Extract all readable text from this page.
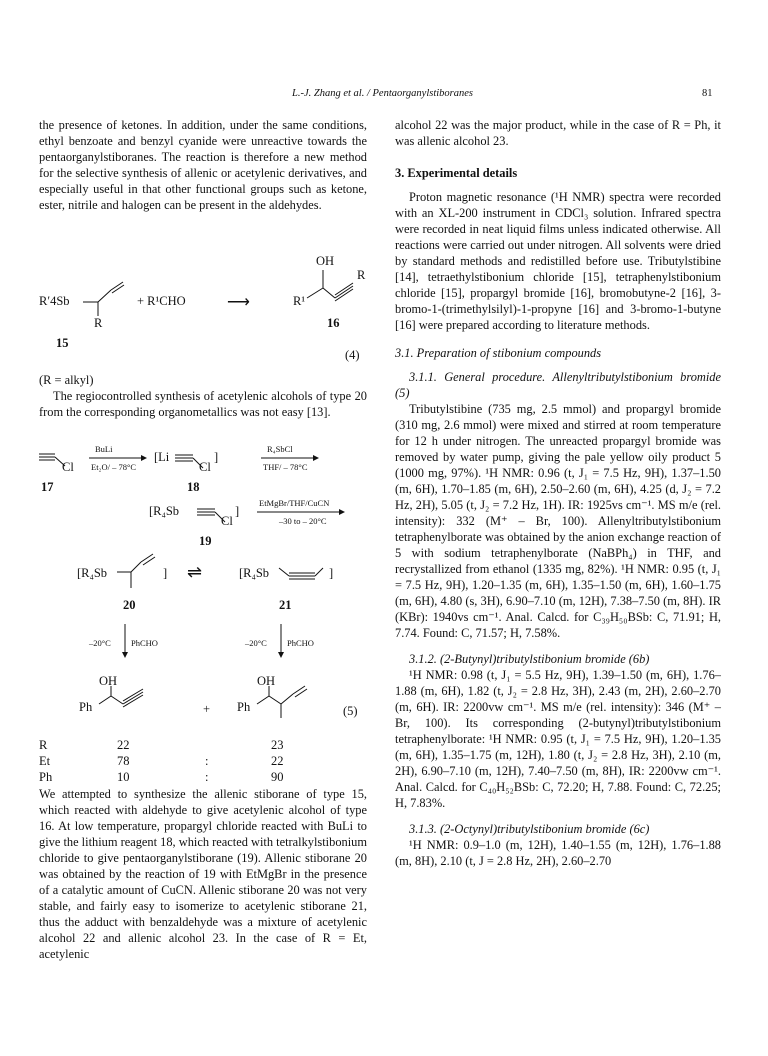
L.-J. Zhang et al. / Pentaorganylstiboranes	81

the presence of ketones. In addition, under the same conditions, ethyl benzoate and benzyl cyanide were unreactive towards the pentaorganylstiboranes. The reaction is therefore a new method for the selective synthesis of allenic or acetylenic derivatives, and especially useful in that other functional groups such as ketone, ester, nitrile and halogen can be present in the aldehydes.

R′4Sb
R
+ R¹CHO	⟶
OH
R¹
R
15
16
(4)

(R = alkyl)

The regiocontrolled synthesis of acetylenic alcohols of type 20 from the corresponding organometallics was not easy [13].

Cl
BuLi
Et₂O/ – 78°C
[Li
Cl
]
R₄SbCl
THF/ – 78°C
17	18
[R₄Sb
Cl
]
EtMgBr/THF/CuCN
–30 to – 20°C
19
[R₄Sb	] ⇌	[R₄Sb	]
20	21
–20°C PhCHO	–20°C PhCHO
OH
Ph	+
OH
Ph	(5)
R	22	23
Et	78	:	22
Ph	10	:	90

We attempted to synthesize the allenic stiborane of type 15, which reacted with aldehyde to give acetylenic alcohol of type 16. At low temperature, propargyl chloride reacted with BuLi to give the lithium reagent 18, which reacted with tetralkylstibonium chloride to give pentaorganylstiborane (19). Allenic stiborane 20 was obtained by the reaction of 19 with EtMgBr in the presence of a catalytic amount of CuCN. Allenic stiborane 20 was not very stable, and fairly easy to isomerize to acetylenic stiborane 21, thus the adduct with benzaldehyde was a mixture of acetylenic alcohol 22 and allenic alcohol 23. In the case of R = Et, acetylenic

alcohol 22 was the major product, while in the case of R = Ph, it was allenic alcohol 23.

3. Experimental details

Proton magnetic resonance (¹H NMR) spectra were recorded with an XL-200 instrument in CDCl₃ solution. Infrared spectra were recorded in neat liquid films unless indicated otherwise. All reactions were carried out under nitrogen. All solvents were dried by standard methods and redistilled before use. Tributylstibine [14], tetraethylstibonium chloride [15], tetraphenylstibonium chloride [15], propargyl bromide [16], bromobutyne-2 [16], 3-bromo-1-(trimethylsilyl)-1-propyne [16] and 3-bromo-1-butyne [16] were prepared according to literature methods.

3.1. Preparation of stibonium compounds

3.1.1. General procedure. Allenyltributylstibonium bromide (5)

Tributylstibine (735 mg, 2.5 mmol) and propargyl bromide (310 mg, 2.6 mmol) were mixed and stirred at room temperature for 12 h under nitrogen. The unreacted propargyl bromide was removed by water pump, giving the pale yellow oily product 5 (1000 mg, 97%). ¹H NMR: 0.96 (t, J₁ = 7.5 Hz, 9H), 1.37–1.50 (m, 6H), 1.70–1.85 (m, 6H), 2.50–2.60 (m, 6H), 4.25 (d, J₂ = 7.2 Hz, 2H), 5.05 (t, J₂ = 7.2 Hz, 1H). IR: 1925vs cm⁻¹. MS m/e (rel. intensity): 332 (M⁺ – Br, 100). Allenyltributylstibonium tetraphenylborate was obtained by the anion exchange reaction of 5 with sodium tetraphenylborate (NaBPh₄) in THF, and recrystallized from ethanol (1335 mg, 82%). ¹H NMR: 0.95 (t, J₁ = 7.5 Hz, 9H), 1.20–1.35 (m, 6H), 1.35–1.50 (m, 6H), 1.60–1.75 (m, 6H), 4.80 (s, 3H), 6.90–7.10 (m, 12H), 7.38–7.50 (m, 8H). IR (KBr): 1940vs cm⁻¹. Anal. Calcd. for C₃₉H₅₀BSb: C, 71.91; H, 7.74. Found: C, 71.57; H, 7.58%.

3.1.2. (2-Butynyl)tributylstibonium bromide (6b)

¹H NMR: 0.98 (t, J₁ = 5.5 Hz, 9H), 1.39–1.50 (m, 6H), 1.76–1.88 (m, 6H), 1.82 (t, J₂ = 2.8 Hz, 3H), 2.43 (m, 2H), 2.60–2.70 (m, 6H). IR: 2200vw cm⁻¹. MS m/e (rel. intensity): 346 (M⁺ – Br, 100). Its corresponding (2-butynyl)tributylstibonium tetraphenylborate: ¹H NMR: 0.95 (t, J₁ = 7.5 Hz, 9H), 1.20–1.35 (m, 6H), 1.35–1.75 (m, 12H), 1.80 (t, J₂ = 2.8 Hz, 3H), 2.10 (m, 2H), 6.90–7.10 (m, 12H), 7.40–7.50 (m, 8H), IR: 2200vw cm⁻¹. Anal. Calcd. for C₄₀H₅₂BSb: C, 72.20; H, 7.88. Found: C, 72.25; H, 7.83%.

3.1.3. (2-Octynyl)tributylstibonium bromide (6c)

¹H NMR: 0.9–1.0 (m, 12H), 1.40–1.55 (m, 12H), 1.76–1.88 (m, 8H), 2.10 (t, J = 2.8 Hz, 2H), 2.60–2.70
